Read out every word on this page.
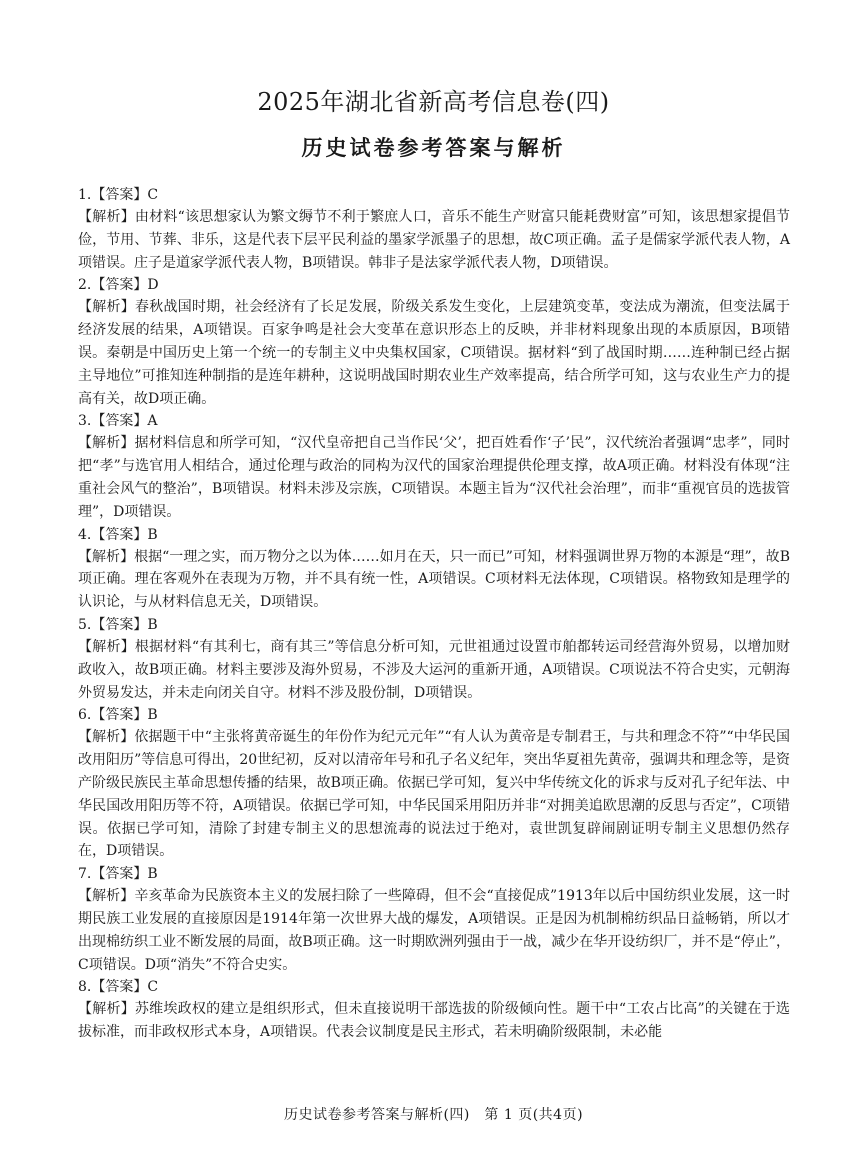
2025年湖北省新高考信息卷(四)
历史试卷参考答案与解析
1.【答案】C
【解析】由材料“该思想家认为繁文缛节不利于繁庶人口，音乐不能生产财富只能耗费财富”可知，该思想家提倡节俭，节用、节葬、非乐，这是代表下层平民利益的墨家学派墨子的思想，故C项正确。孟子是儒家学派代表人物，A项错误。庄子是道家学派代表人物，B项错误。韩非子是法家学派代表人物，D项错误。
2.【答案】D
【解析】春秋战国时期，社会经济有了长足发展，阶级关系发生变化，上层建筑变革，变法成为潮流，但变法属于经济发展的结果，A项错误。百家争鸣是社会大变革在意识形态上的反映，并非材料现象出现的本质原因，B项错误。秦朝是中国历史上第一个统一的专制主义中央集权国家，C项错误。据材料“到了战国时期……连种制已经占据主导地位”可推知连种制指的是连年耕种，这说明战国时期农业生产效率提高，结合所学可知，这与农业生产力的提高有关，故D项正确。
3.【答案】A
【解析】据材料信息和所学可知，“汉代皇帝把自己当作民‘父’，把百姓看作‘子’民”，汉代统治者强调“忠孝”，同时把“孝”与选官用人相结合，通过伦理与政治的同构为汉代的国家治理提供伦理支撑，故A项正确。材料没有体现“注重社会风气的整治”，B项错误。材料未涉及宗族，C项错误。本题主旨为“汉代社会治理”，而非“重视官员的选拔管理”，D项错误。
4.【答案】B
【解析】根据“一理之实，而万物分之以为体……如月在天，只一而已”可知，材料强调世界万物的本源是“理”，故B项正确。理在客观外在表现为万物，并不具有统一性，A项错误。C项材料无法体现，C项错误。格物致知是理学的认识论，与从材料信息无关，D项错误。
5.【答案】B
【解析】根据材料“有其利七，商有其三”等信息分析可知，元世祖通过设置市舶都转运司经营海外贸易，以增加财政收入，故B项正确。材料主要涉及海外贸易，不涉及大运河的重新开通，A项错误。C项说法不符合史实，元朝海外贸易发达，并未走向闭关自守。材料不涉及股份制，D项错误。
6.【答案】B
【解析】依据题干中“主张将黄帝诞生的年份作为纪元元年”“有人认为黄帝是专制君王，与共和理念不符”“中华民国改用阳历”等信息可得出，20世纪初，反对以清帝年号和孔子名义纪年，突出华夏祖先黄帝，强调共和理念等，是资产阶级民族民主革命思想传播的结果，故B项正确。依据已学可知，复兴中华传统文化的诉求与反对孔子纪年法、中华民国改用阳历等不符，A项错误。依据已学可知，中华民国采用阳历并非“对拥美追欧思潮的反思与否定”，C项错误。依据已学可知，清除了封建专制主义的思想流毒的说法过于绝对，袁世凯复辟闹剧证明专制主义思想仍然存在，D项错误。
7.【答案】B
【解析】辛亥革命为民族资本主义的发展扫除了一些障碍，但不会“直接促成”1913年以后中国纺织业发展，这一时期民族工业发展的直接原因是1914年第一次世界大战的爆发，A项错误。正是因为机制棉纺织品日益畅销，所以才出现棉纺织工业不断发展的局面，故B项正确。这一时期欧洲列强由于一战，减少在华开设纺织厂，并不是“停止”，C项错误。D项“消失”不符合史实。
8.【答案】C
【解析】苏维埃政权的建立是组织形式，但未直接说明干部选拔的阶级倾向性。题干中“工农占比高”的关键在于选拔标准，而非政权形式本身，A项错误。代表会议制度是民主形式，若未明确阶级限制，未必能
历史试卷参考答案与解析(四)　第 1 页(共4页)
